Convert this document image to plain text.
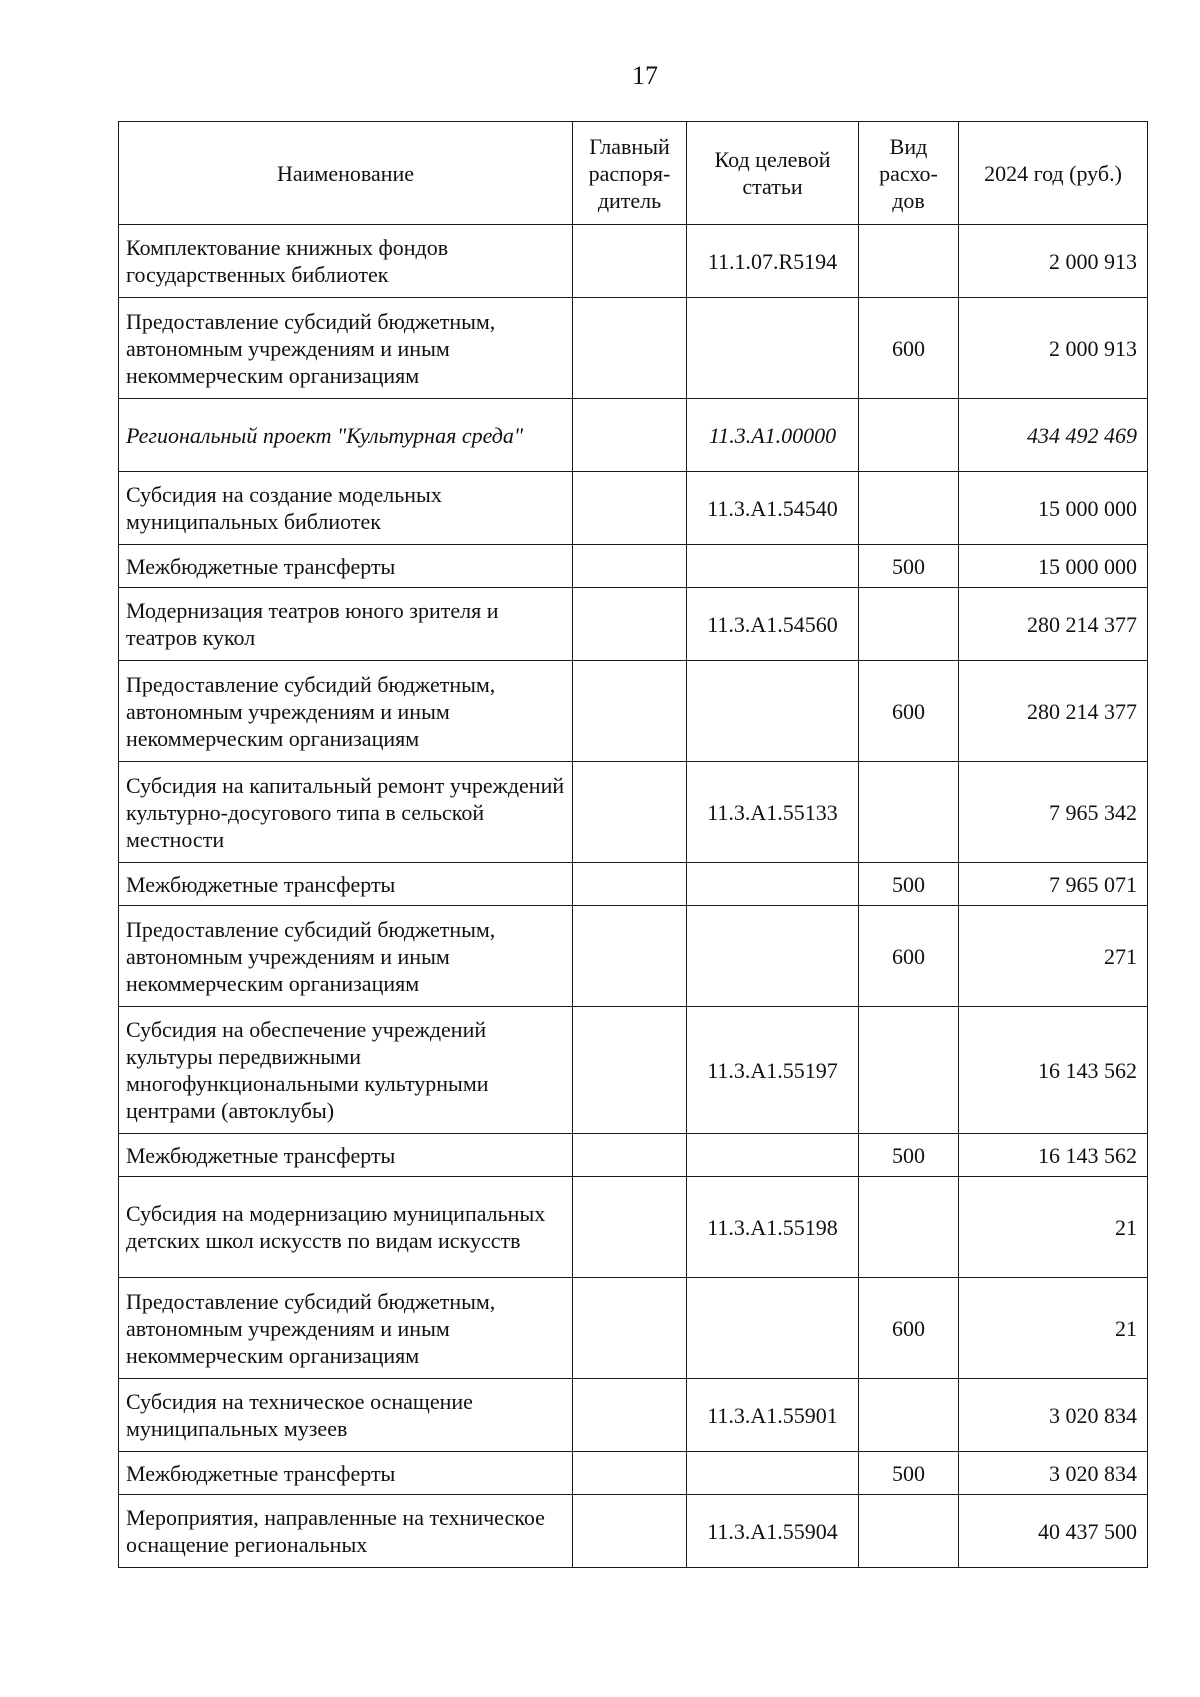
17
Наименование	Главный распоря-дитель	Код целевой статьи	Вид расхо-дов	2024 год (руб.)
Комплектование книжных фондов государственных библиотек		11.1.07.R5194		2 000 913
Предоставление субсидий бюджетным, автономным учреждениям и иным некоммерческим организациям			600	2 000 913
Региональный проект "Культурная среда"		11.3.А1.00000		434 492 469
Субсидия на создание модельных муниципальных библиотек		11.3.А1.54540		15 000 000
Межбюджетные трансферты			500	15 000 000
Модернизация театров юного зрителя и театров кукол		11.3.А1.54560		280 214 377
Предоставление субсидий бюджетным, автономным учреждениям и иным некоммерческим организациям			600	280 214 377
Субсидия на капитальный ремонт учреждений культурно-досугового типа в сельской местности		11.3.А1.55133		7 965 342
Межбюджетные трансферты			500	7 965 071
Предоставление субсидий бюджетным, автономным учреждениям и иным некоммерческим организациям			600	271
Субсидия на обеспечение учреждений культуры передвижными многофункциональными культурными центрами (автоклубы)		11.3.А1.55197		16 143 562
Межбюджетные трансферты			500	16 143 562
Субсидия на модернизацию муниципальных детских школ искусств по видам искусств		11.3.А1.55198		21
Предоставление субсидий бюджетным, автономным учреждениям и иным некоммерческим организациям			600	21
Субсидия на техническое оснащение муниципальных музеев		11.3.А1.55901		3 020 834
Межбюджетные трансферты			500	3 020 834
Мероприятия, направленные на техническое оснащение региональных		11.3.А1.55904		40 437 500
